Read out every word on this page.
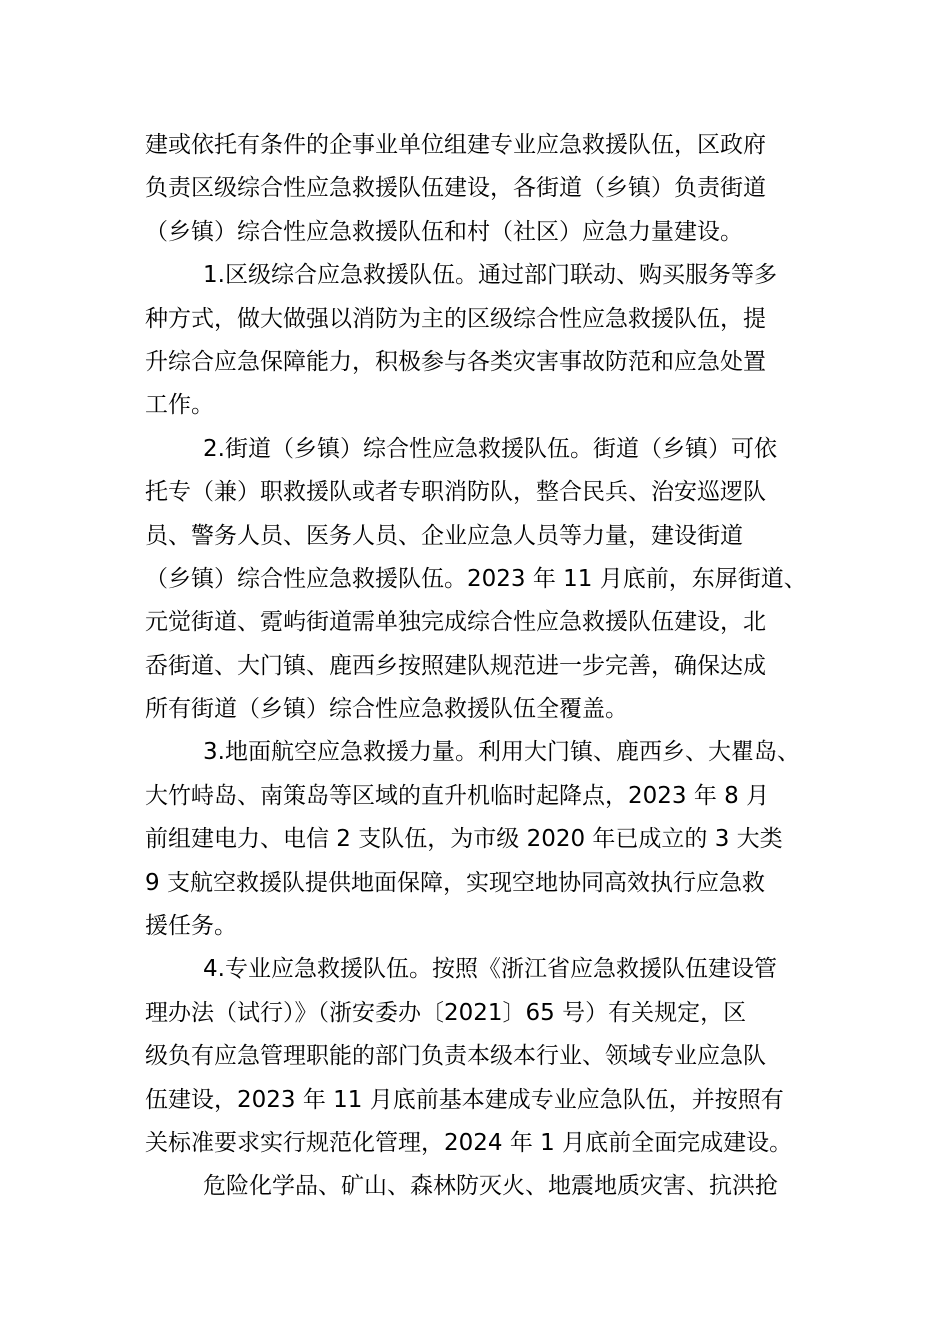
建或依托有条件的企事业单位组建专业应急救援队伍，区政府
负责区级综合性应急救援队伍建设，各街道（乡镇）负责街道
（乡镇）综合性应急救援队伍和村（社区）应急力量建设。
1.区级综合应急救援队伍。通过部门联动、购买服务等多
种方式，做大做强以消防为主的区级综合性应急救援队伍，提
升综合应急保障能力，积极参与各类灾害事故防范和应急处置
工作。
2.街道（乡镇）综合性应急救援队伍。街道（乡镇）可依
托专（兼）职救援队或者专职消防队，整合民兵、治安巡逻队
员、警务人员、医务人员、企业应急人员等力量，建设街道
（乡镇）综合性应急救援队伍。2023 年 11 月底前，东屏街道、
元觉街道、霓屿街道需单独完成综合性应急救援队伍建设，北
岙街道、大门镇、鹿西乡按照建队规范进一步完善，确保达成
所有街道（乡镇）综合性应急救援队伍全覆盖。
3.地面航空应急救援力量。利用大门镇、鹿西乡、大瞿岛、
大竹峙岛、南策岛等区域的直升机临时起降点，2023 年 8 月
前组建电力、电信 2 支队伍，为市级 2020 年已成立的 3 大类
9 支航空救援队提供地面保障，实现空地协同高效执行应急救
援任务。
4.专业应急救援队伍。按照《浙江省应急救援队伍建设管
理办法（试行）》（浙安委办〔2021〕65 号）有关规定，区
级负有应急管理职能的部门负责本级本行业、领域专业应急队
伍建设，2023 年 11 月底前基本建成专业应急队伍，并按照有
关标准要求实行规范化管理，2024 年 1 月底前全面完成建设。
危险化学品、矿山、森林防灭火、地震地质灾害、抗洪抢
